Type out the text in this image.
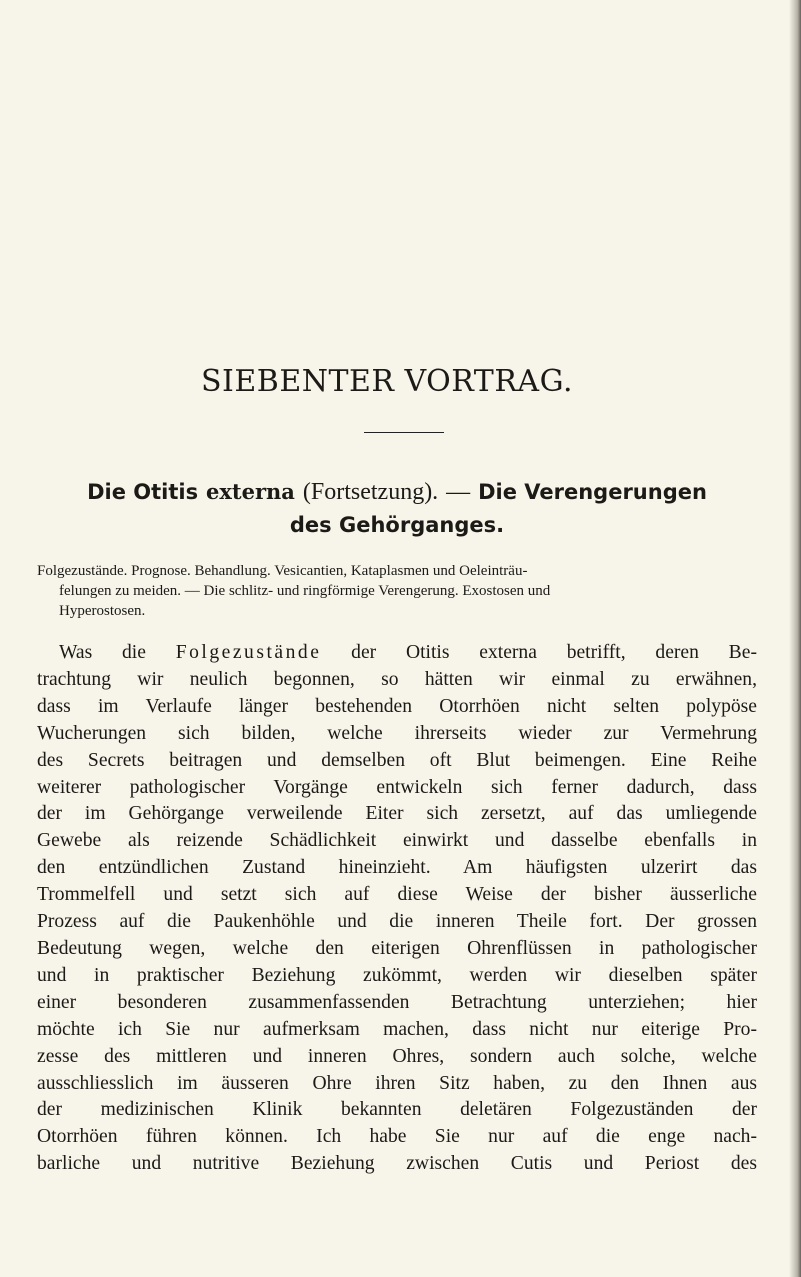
SIEBENTER VORTRAG.
Die Otitis externa (Fortsetzung). — Die Verengerungen
des Gehörganges.
Folgezustände. Prognose. Behandlung. Vesicantien, Kataplasmen und Oeleinträu-
felungen zu meiden. — Die schlitz- und ringförmige Verengerung. Exostosen und
Hyperostosen.
Was die Folgezustände der Otitis externa betrifft, deren Be-
trachtung wir neulich begonnen, so hätten wir einmal zu erwähnen,
dass im Verlaufe länger bestehenden Otorrhöen nicht selten polypöse
Wucherungen sich bilden, welche ihrerseits wieder zur Vermehrung
des Secrets beitragen und demselben oft Blut beimengen. Eine Reihe
weiterer pathologischer Vorgänge entwickeln sich ferner dadurch, dass
der im Gehörgange verweilende Eiter sich zersetzt, auf das umliegende
Gewebe als reizende Schädlichkeit einwirkt und dasselbe ebenfalls in
den entzündlichen Zustand hineinzieht. Am häufigsten ulzerirt das
Trommelfell und setzt sich auf diese Weise der bisher äusserliche
Prozess auf die Paukenhöhle und die inneren Theile fort. Der grossen
Bedeutung wegen, welche den eiterigen Ohrenflüssen in pathologischer
und in praktischer Beziehung zukömmt, werden wir dieselben später
einer besonderen zusammenfassenden Betrachtung unterziehen; hier
möchte ich Sie nur aufmerksam machen, dass nicht nur eiterige Pro-
zesse des mittleren und inneren Ohres, sondern auch solche, welche
ausschliesslich im äusseren Ohre ihren Sitz haben, zu den Ihnen aus
der medizinischen Klinik bekannten deletären Folgezuständen der
Otorrhöen führen können. Ich habe Sie nur auf die enge nach-
barliche und nutritive Beziehung zwischen Cutis und Periost des
